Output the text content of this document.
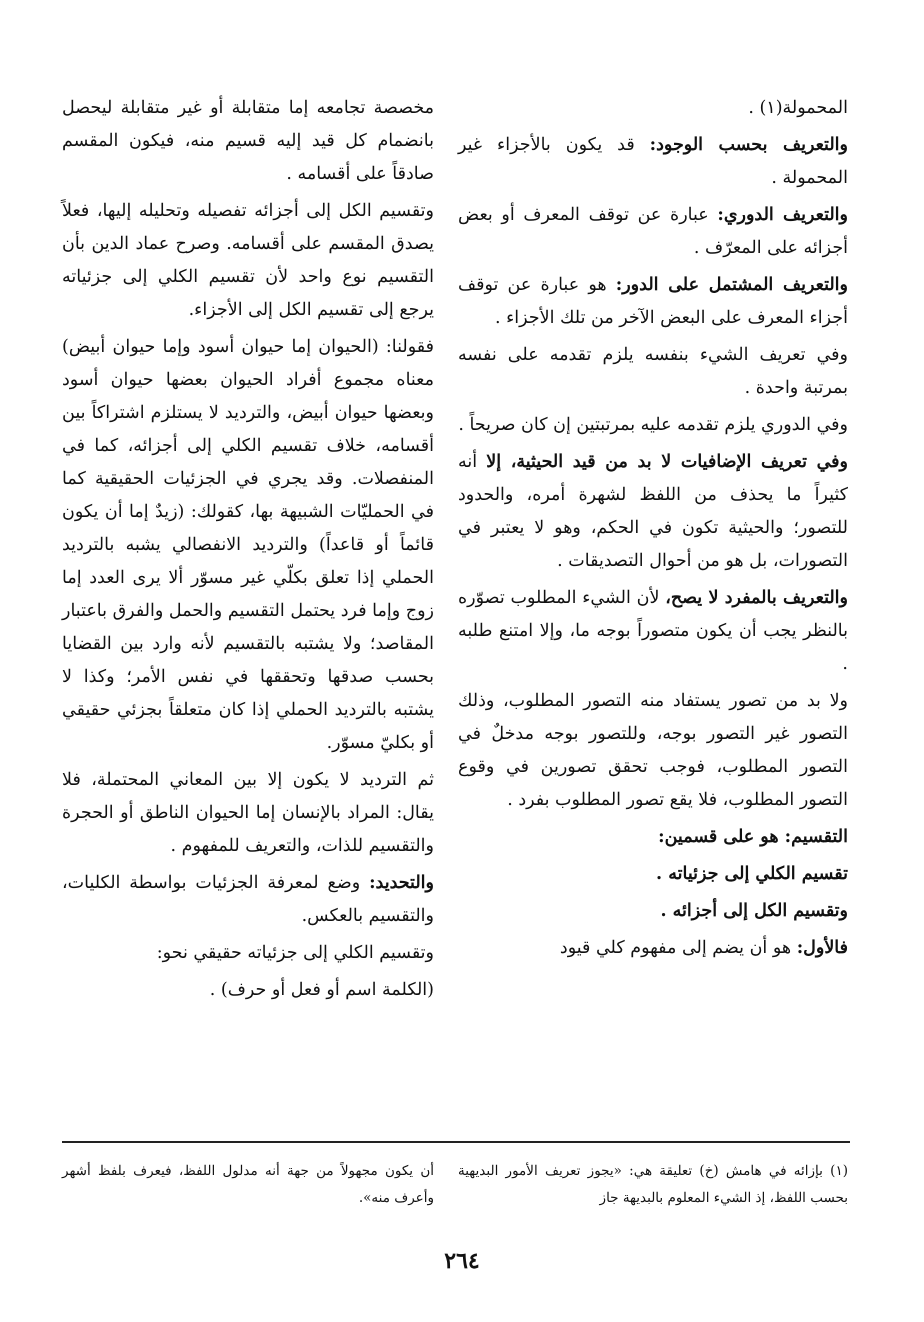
المحمولة(١) .

والتعريف بحسب الوجود: قد يكون بالأجزاء غير المحمولة .

والتعريف الدوري: عبارة عن توقف المعرف أو بعض أجزائه على المعرّف .

والتعريف المشتمل على الدور: هو عبارة عن توقف أجزاء المعرف على البعض الآخر من تلك الأجزاء .

وفي تعريف الشيء بنفسه يلزم تقدمه على نفسه بمرتبة واحدة .

وفي الدوري يلزم تقدمه عليه بمرتبتين إن كان صريحاً .

وفي تعريف الإضافيات لا بد من قيد الحيثية، إلا أنه كثيراً ما يحذف من اللفظ لشهرة أمره، والحدود للتصور؛ والحيثية تكون في الحكم، وهو لا يعتبر في التصورات، بل هو من أحوال التصديقات .

والتعريف بالمفرد لا يصح، لأن الشيء المطلوب تصوّره بالنظر يجب أن يكون متصوراً بوجه ما، وإلا امتنع طلبه .

ولا بد من تصور يستفاد منه التصور المطلوب، وذلك التصور غير التصور بوجه، وللتصور بوجه مدخلٌ في التصور المطلوب، فوجب تحقق تصورين في وقوع التصور المطلوب، فلا يقع تصور المطلوب بفرد .

التقسيم: هو على قسمين:

تقسيم الكلي إلى جزئياته .

وتقسيم الكل إلى أجزائه .

فالأول: هو أن يضم إلى مفهوم كلي قيود

مخصصة تجامعه إما متقابلة أو غير متقابلة ليحصل بانضمام كل قيد إليه قسيم منه، فيكون المقسم صادقاً على أقسامه .

وتقسيم الكل إلى أجزائه تفصيله وتحليله إليها، فعلاً يصدق المقسم على أقسامه. وصرح عماد الدين بأن التقسيم نوع واحد لأن تقسيم الكلي إلى جزئياته يرجع إلى تقسيم الكل إلى الأجزاء.

فقولنا: (الحيوان إما حيوان أسود وإما حيوان أبيض) معناه مجموع أفراد الحيوان بعضها حيوان أسود وبعضها حيوان أبيض، والترديد لا يستلزم اشتراكاً بين أقسامه، خلاف تقسيم الكلي إلى أجزائه، كما في المنفصلات. وقد يجري في الجزئيات الحقيقية كما في الحمليّات الشبيهة بها، كقولك: (زيدٌ إما أن يكون قائماً أو قاعداً) والترديد الانفصالي يشبه بالترديد الحملي إذا تعلق بكلّي غير مسوّر ألا يرى العدد إما زوج وإما فرد يحتمل التقسيم والحمل والفرق باعتبار المقاصد؛ ولا يشتبه بالتقسيم لأنه وارد بين القضايا بحسب صدقها وتحققها في نفس الأمر؛ وكذا لا يشتبه بالترديد الحملي إذا كان متعلقاً بجزئي حقيقي أو بكليّ مسوّر.

ثم الترديد لا يكون إلا بين المعاني المحتملة، فلا يقال: المراد بالإنسان إما الحيوان الناطق أو الحجرة والتقسيم للذات، والتعريف للمفهوم .

والتحديد: وضع لمعرفة الجزئيات بواسطة الكليات، والتقسيم بالعكس.

وتقسيم الكلي إلى جزئياته حقيقي نحو:

(الكلمة اسم أو فعل أو حرف) .

(١) بإزائه في هامش (خ) تعليقة هي: «يجوز تعريف الأمور البديهية بحسب اللفظ، إذ الشيء المعلوم بالبديهة جاز
أن يكون مجهولاً من جهة أنه مدلول اللفظ، فيعرف بلفظ أشهر وأعرف منه».
٢٦٤
